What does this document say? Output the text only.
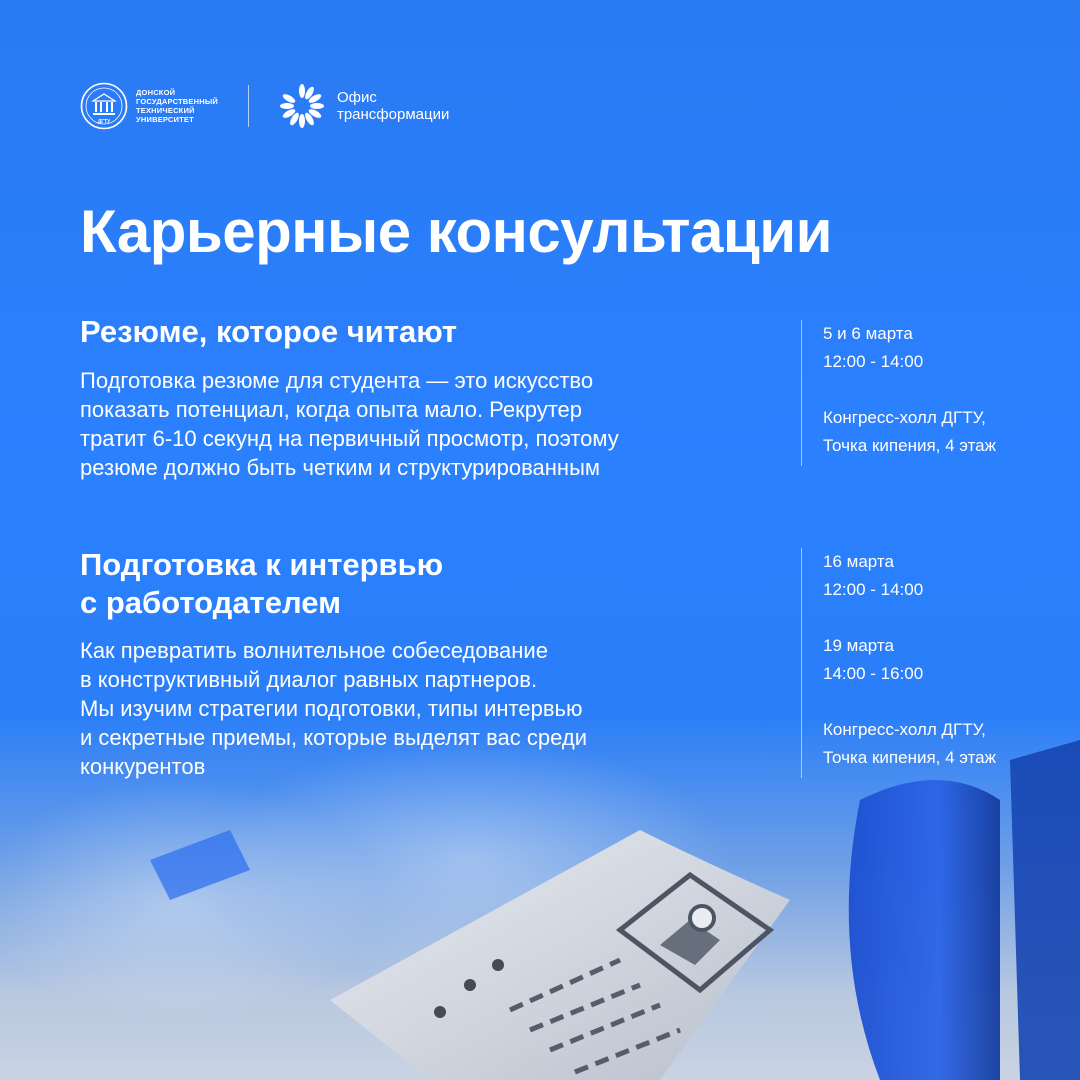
ДГТУ
ДОНСКОЙ
ГОСУДАРСТВЕННЫЙ
ТЕХНИЧЕСКИЙ
УНИВЕРСИТЕТ
Офис
трансформации
Карьерные консультации
Резюме, которое читают

Подготовка резюме для студента — это искусство
показать потенциал, когда опыта мало. Рекрутер
тратит 6-10 секунд на первичный просмотр, поэтому
резюме должно быть четким и структурированным

5 и 6 марта
12:00 - 14:00
Конгресс-холл ДГТУ,
Точка кипения, 4 этаж
Подготовка к интервью
с работодателем

Как превратить волнительное собеседование
в конструктивный диалог равных партнеров.
Мы изучим стратегии подготовки, типы интервью
и секретные приемы, которые выделят вас среди
конкурентов

16 марта
12:00 - 14:00
19 марта
14:00 - 16:00
Конгресс-холл ДГТУ,
Точка кипения, 4 этаж
